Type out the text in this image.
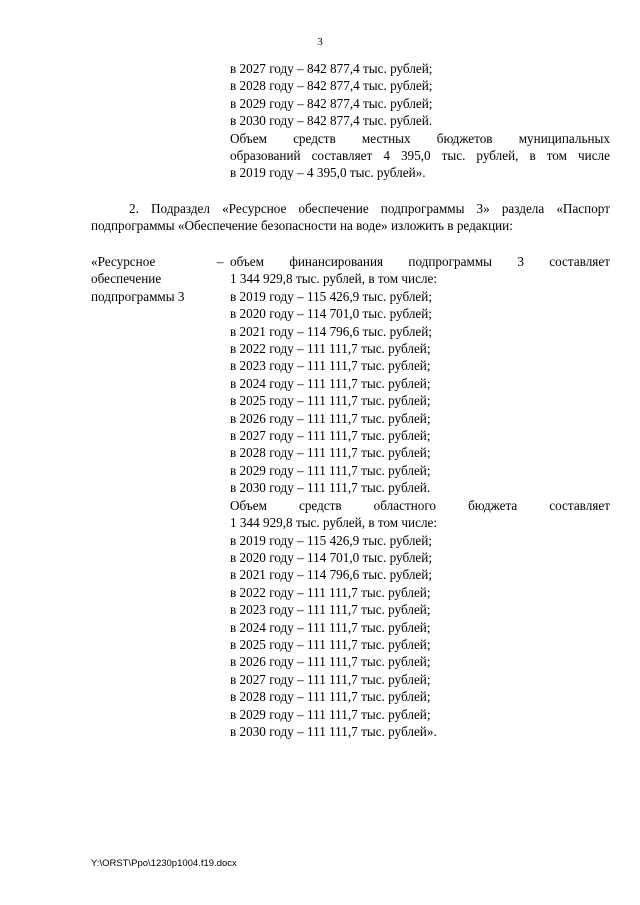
3
в 2027 году – 842 877,4 тыс. рублей;
в 2028 году – 842 877,4 тыс. рублей;
в 2029 году – 842 877,4 тыс. рублей;
в 2030 году – 842 877,4 тыс. рублей.
Объем средств местных бюджетов муниципальных
образований составляет 4 395,0 тыс. рублей, в том числе
в 2019 году – 4 395,0 тыс. рублей».
2. Подраздел «Ресурсное обеспечение подпрограммы 3» раздела «Паспорт
подпрограммы «Обеспечение безопасности на воде» изложить в редакции:
«Ресурсное
обеспечение
подпрограммы 3
– объем финансирования подпрограммы 3 составляет
1 344 929,8 тыс. рублей, в том числе:
в 2019 году – 115 426,9 тыс. рублей;
в 2020 году – 114 701,0 тыс. рублей;
в 2021 году – 114 796,6 тыс. рублей;
в 2022 году – 111 111,7 тыс. рублей;
в 2023 году – 111 111,7 тыс. рублей;
в 2024 году – 111 111,7 тыс. рублей;
в 2025 году – 111 111,7 тыс. рублей;
в 2026 году – 111 111,7 тыс. рублей;
в 2027 году – 111 111,7 тыс. рублей;
в 2028 году – 111 111,7 тыс. рублей;
в 2029 году – 111 111,7 тыс. рублей;
в 2030 году – 111 111,7 тыс. рублей.
Объем средств областного бюджета составляет
1 344 929,8 тыс. рублей, в том числе:
в 2019 году – 115 426,9 тыс. рублей;
в 2020 году – 114 701,0 тыс. рублей;
в 2021 году – 114 796,6 тыс. рублей;
в 2022 году – 111 111,7 тыс. рублей;
в 2023 году – 111 111,7 тыс. рублей;
в 2024 году – 111 111,7 тыс. рублей;
в 2025 году – 111 111,7 тыс. рублей;
в 2026 году – 111 111,7 тыс. рублей;
в 2027 году – 111 111,7 тыс. рублей;
в 2028 году – 111 111,7 тыс. рублей;
в 2029 году – 111 111,7 тыс. рублей;
в 2030 году – 111 111,7 тыс. рублей».
Y:\ORST\Ppo\1230p1004.f19.docx
